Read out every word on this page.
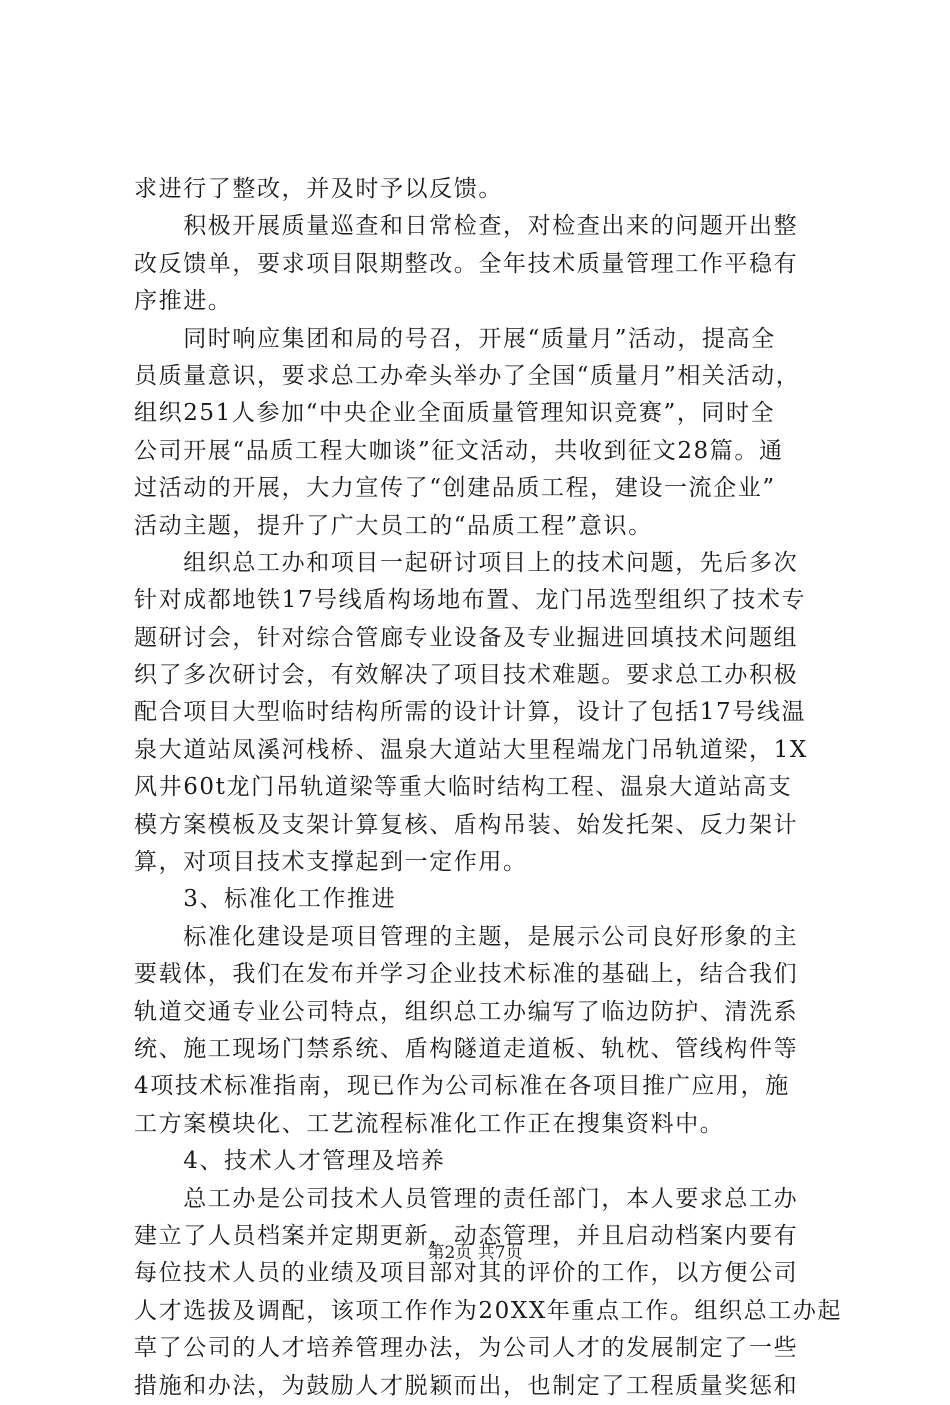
求进行了整改，并及时予以反馈。
　　积极开展质量巡查和日常检查，对检查出来的问题开出整
改反馈单，要求项目限期整改。全年技术质量管理工作平稳有
序推进。
　　同时响应集团和局的号召，开展“质量月”活动，提高全
员质量意识，要求总工办牵头举办了全国“质量月”相关活动，
组织251人参加“中央企业全面质量管理知识竞赛”，同时全
公司开展“品质工程大咖谈”征文活动，共收到征文28篇。通
过活动的开展，大力宣传了“创建品质工程，建设一流企业”
活动主题，提升了广大员工的“品质工程”意识。
　　组织总工办和项目一起研讨项目上的技术问题，先后多次
针对成都地铁17号线盾构场地布置、龙门吊选型组织了技术专
题研讨会，针对综合管廊专业设备及专业掘进回填技术问题组
织了多次研讨会，有效解决了项目技术难题。要求总工办积极
配合项目大型临时结构所需的设计计算，设计了包括17号线温
泉大道站凤溪河栈桥、温泉大道站大里程端龙门吊轨道梁，1X
风井60t龙门吊轨道梁等重大临时结构工程、温泉大道站高支
模方案模板及支架计算复核、盾构吊装、始发托架、反力架计
算，对项目技术支撑起到一定作用。
　　3、标准化工作推进
　　标准化建设是项目管理的主题，是展示公司良好形象的主
要载体，我们在发布并学习企业技术标准的基础上，结合我们
轨道交通专业公司特点，组织总工办编写了临边防护、清洗系
统、施工现场门禁系统、盾构隧道走道板、轨枕、管线构件等
4项技术标准指南，现已作为公司标准在各项目推广应用，施
工方案模块化、工艺流程标准化工作正在搜集资料中。
　　4、技术人才管理及培养
　　总工办是公司技术人员管理的责任部门，本人要求总工办
建立了人员档案并定期更新，动态管理，并且启动档案内要有
每位技术人员的业绩及项目部对其的评价的工作，以方便公司
人才选拔及调配，该项工作作为20XX年重点工作。组织总工办起
草了公司的人才培养管理办法，为公司人才的发展制定了一些
措施和办法，为鼓励人才脱颖而出，也制定了工程质量奖惩和
第2页 共7页
